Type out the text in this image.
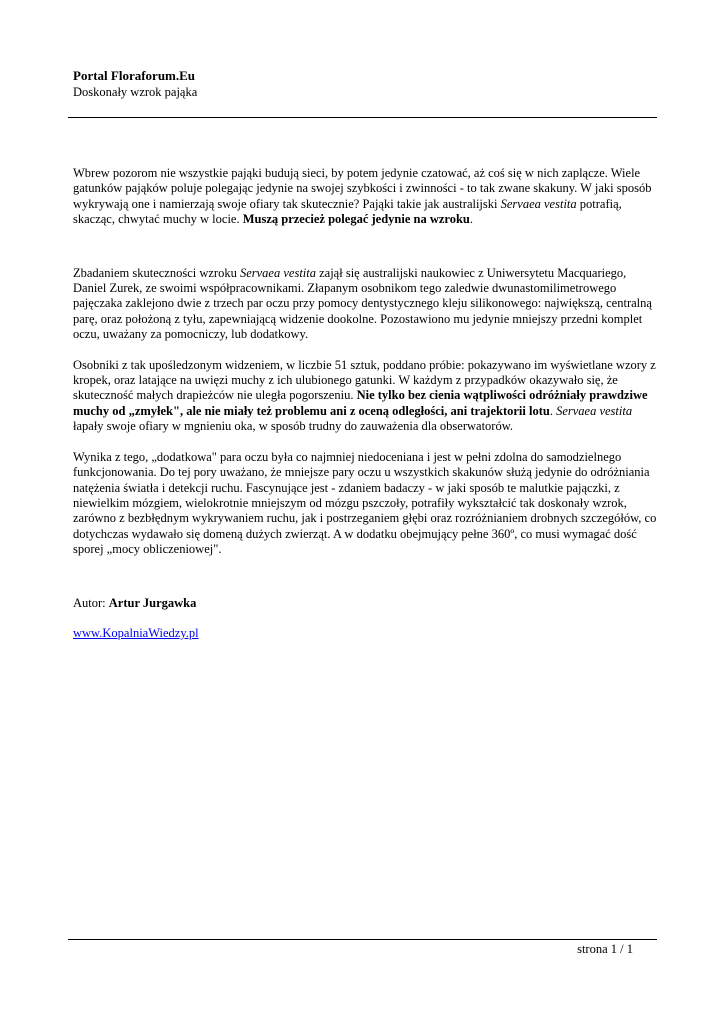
Portal Floraforum.Eu

Doskonały wzrok pająka

Wbrew pozorom nie wszystkie pająki budują sieci, by potem jedynie czatować, aż coś się w nich zaplącze. Wiele gatunków pająków poluje polegając jedynie na swojej szybkości i zwinności - to tak zwane skakuny. W jaki sposób wykrywają one i namierzają swoje ofiary tak skutecznie? Pająki takie jak australijski Servaea vestita potrafią, skacząc, chwytać muchy w locie. Muszą przecież polegać jedynie na wzroku.

Zbadaniem skuteczności wzroku Servaea vestita zajął się australijski naukowiec z Uniwersytetu Macquariego, Daniel Zurek, ze swoimi współpracownikami. Złapanym osobnikom tego zaledwie dwunastomilimetrowego pajęczaka zaklejono dwie z trzech par oczu przy pomocy dentystycznego kleju silikonowego: największą, centralną parę, oraz położoną z tyłu, zapewniającą widzenie dookolne. Pozostawiono mu jedynie mniejszy przedni komplet oczu, uważany za pomocniczy, lub dodatkowy.

Osobniki z tak upośledzonym widzeniem, w liczbie 51 sztuk, poddano próbie: pokazywano im wyświetlane wzory z kropek, oraz latające na uwięzi muchy z ich ulubionego gatunki. W każdym z przypadków okazywało się, że skuteczność małych drapieżców nie uległa pogorszeniu. Nie tylko bez cienia wątpliwości odróżniały prawdziwe muchy od „zmyłek", ale nie miały też problemu ani z oceną odległości, ani trajektorii lotu. Servaea vestita łapały swoje ofiary w mgnieniu oka, w sposób trudny do zauważenia dla obserwatorów.

Wynika z tego, „dodatkowa" para oczu była co najmniej niedoceniana i jest w pełni zdolna do samodzielnego funkcjonowania. Do tej pory uważano, że mniejsze pary oczu u wszystkich skakunów służą jedynie do odróżniania natężenia światła i detekcji ruchu. Fascynujące jest - zdaniem badaczy - w jaki sposób te malutkie pajączki, z niewielkim mózgiem, wielokrotnie mniejszym od mózgu pszczoły, potrafiły wykształcić tak doskonały wzrok, zarówno z bezbłędnym wykrywaniem ruchu, jak i postrzeganiem głębi oraz rozróżnianiem drobnych szczegółów, co dotychczas wydawało się domeną dużych zwierząt. A w dodatku obejmujący pełne 360º, co musi wymagać dość sporej „mocy obliczeniowej".

Autor: Artur Jurgawka

www.KopalniaWiedzy.pl

strona 1 / 1
